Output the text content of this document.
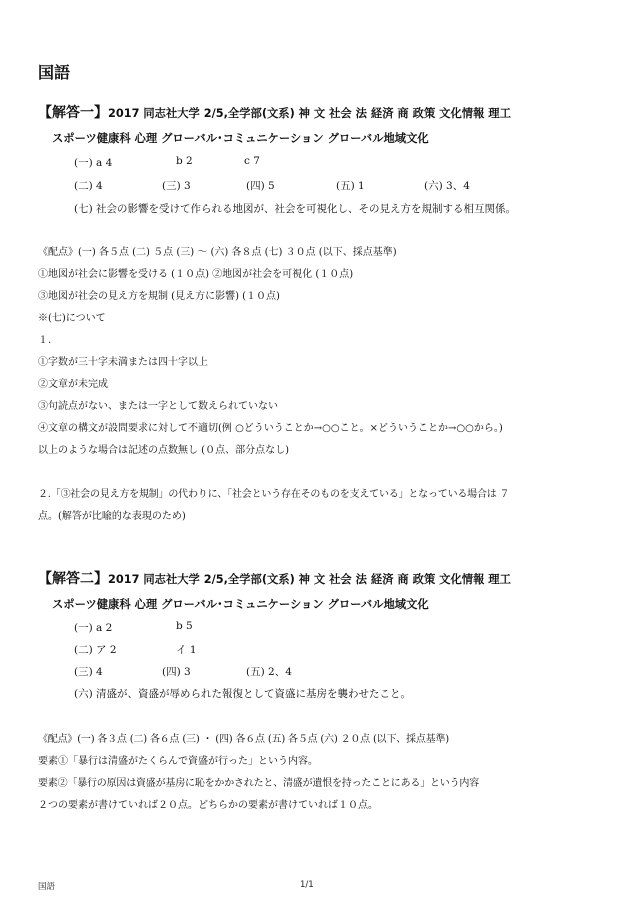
国語
【解答一】2017 同志社大学 2/5,全学部(文系) 神 文 社会 法 経済 商 政策 文化情報 理工
スポーツ健康科 心理 グローバル･コミュニケーション グローバル地域文化
(一) a 4	b 2	c 7
(二) 4	(三) 3	(四) 5	(五) 1	(六) 3、4
(七) 社会の影響を受けて作られる地図が、社会を可視化し、その見え方を規制する相互関係。
《配点》(一) 各５点 (二) ５点 (三) 〜 (六) 各８点 (七) ３０点 (以下、採点基準)
①地図が社会に影響を受ける (１０点) ②地図が社会を可視化 (１０点)
③地図が社会の見え方を規制 (見え方に影響) (１０点)
※(七)について
１.
①字数が三十字未満または四十字以上
②文章が未完成
③句読点がない、または一字として数えられていない
④文章の構文が設問要求に対して不適切(例 ○どういうことか→○○こと。×どういうことか→○○から。)
以上のような場合は記述の点数無し (０点、部分点なし)
２.「③社会の見え方を規制」の代わりに、「社会という存在そのものを支えている」となっている場合は ７
点。(解答が比喩的な表現のため)
【解答二】2017 同志社大学 2/5,全学部(文系) 神 文 社会 法 経済 商 政策 文化情報 理工
スポーツ健康科 心理 グローバル･コミュニケーション グローバル地域文化
(一) a 2	b 5
(二) ア 2	イ 1
(三) 4	(四) 3	(五) 2、4
(六) 清盛が、資盛が辱められた報復として資盛に基房を襲わせたこと。
《配点》(一) 各３点 (二) 各６点 (三) ・ (四) 各６点 (五) 各５点 (六) ２０点 (以下、採点基準)
要素①「暴行は清盛がたくらんで資盛が行った」という内容。
要素②「暴行の原因は資盛が基房に恥をかかされたと、清盛が遺恨を持ったことにある」という内容
２つの要素が書けていれば２０点。どちらかの要素が書けていれば１０点。
国語	1/1
